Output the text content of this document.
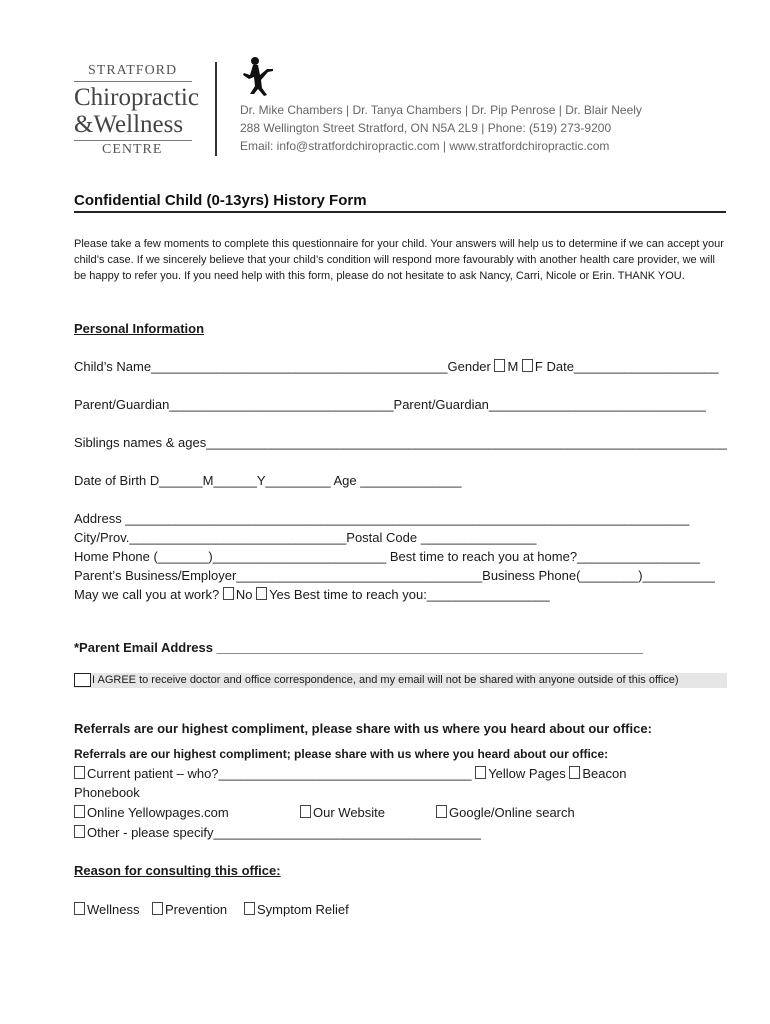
STRATFORD
Chiropractic
&Wellness
CENTRE
Dr. Mike Chambers | Dr. Tanya Chambers | Dr. Pip Penrose | Dr. Blair Neely
288 Wellington Street Stratford, ON N5A 2L9 | Phone: (519) 273-9200
Email: info@stratfordchiropractic.com | www.stratfordchiropractic.com
Confidential Child (0-13yrs) History Form
Please take a few moments to complete this questionnaire for your child. Your answers will help us to determine if we can accept your child’s case. If we sincerely believe that your child’s condition will respond more favourably with another health care provider, we will be happy to refer you. If you need help with this form, please do not hesitate to ask Nancy, Carri, Nicole or Erin. THANK YOU.
Personal Information
Child’s Name_________________________________________Gender M F Date____________________
Parent/Guardian_______________________________Parent/Guardian______________________________
Siblings names & ages________________________________________________________________________
Date of Birth D______M______Y_________ Age ______________
Address ______________________________________________________________________________
City/Prov.______________________________Postal Code ________________
Home Phone (_______)________________________ Best time to reach you at home?_________________
Parent’s Business/Employer__________________________________Business Phone(________)__________
May we call you at work? No Yes Best time to reach you:_________________
*Parent Email Address ___________________________________________________________
I AGREE to receive doctor and office correspondence, and my email will not be shared with anyone outside of this office)
Referrals are our highest compliment, please share with us where you heard about our office:
Referrals are our highest compliment; please share with us where you heard about our office:
Current patient – who?___________________________________ Yellow Pages Beacon
Phonebook
Online Yellowpages.com	Our Website	Google/Online search
Other - please specify_____________________________________
Reason for consulting this office:
Wellness	Prevention	Symptom Relief
